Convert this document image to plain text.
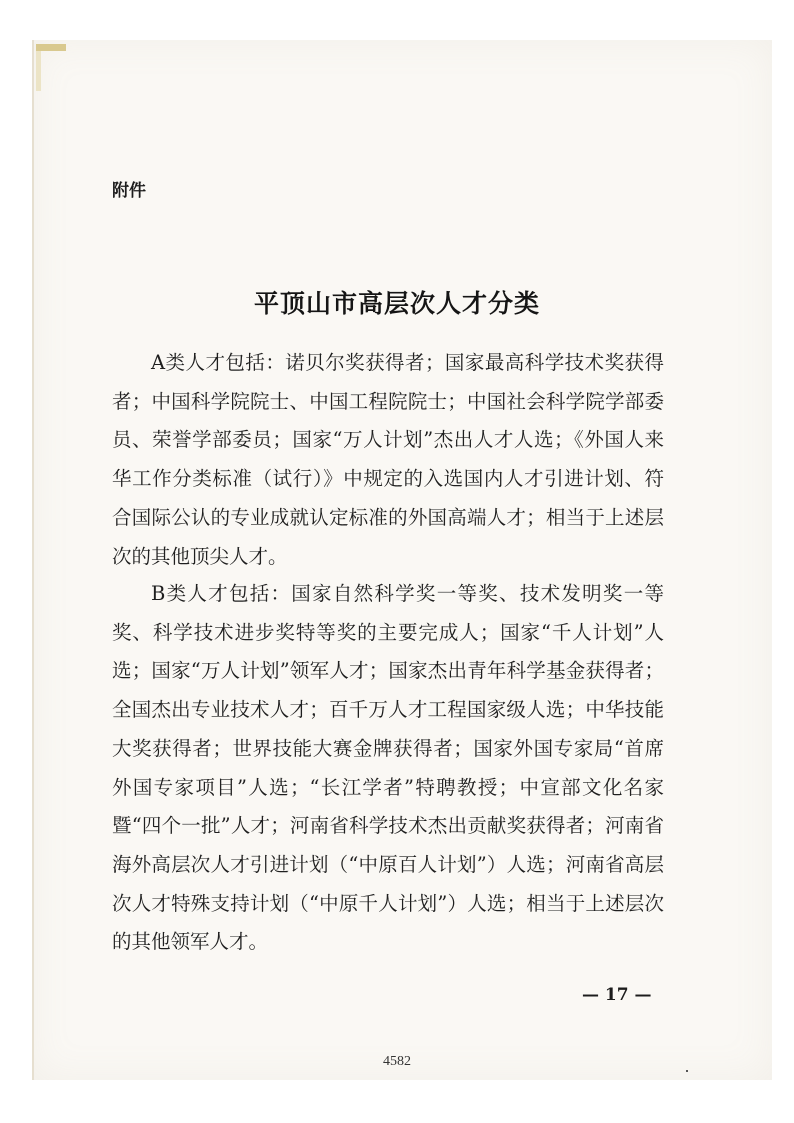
附件
平顶山市高层次人才分类

A类人才包括：诺贝尔奖获得者；国家最高科学技术奖获得者；中国科学院院士、中国工程院院士；中国社会科学院学部委员、荣誉学部委员；国家“万人计划”杰出人才人选；《外国人来华工作分类标准（试行）》中规定的入选国内人才引进计划、符合国际公认的专业成就认定标准的外国高端人才；相当于上述层次的其他顶尖人才。

B类人才包括：国家自然科学奖一等奖、技术发明奖一等奖、科学技术进步奖特等奖的主要完成人；国家“千人计划”人选；国家“万人计划”领军人才；国家杰出青年科学基金获得者；全国杰出专业技术人才；百千万人才工程国家级人选；中华技能大奖获得者；世界技能大赛金牌获得者；国家外国专家局“首席外国专家项目”人选；“长江学者”特聘教授；中宣部文化名家暨“四个一批”人才；河南省科学技术杰出贡献奖获得者；河南省海外高层次人才引进计划（“中原百人计划”）人选；河南省高层次人才特殊支持计划（“中原千人计划”）人选；相当于上述层次的其他领军人才。

— 17 —
4582
